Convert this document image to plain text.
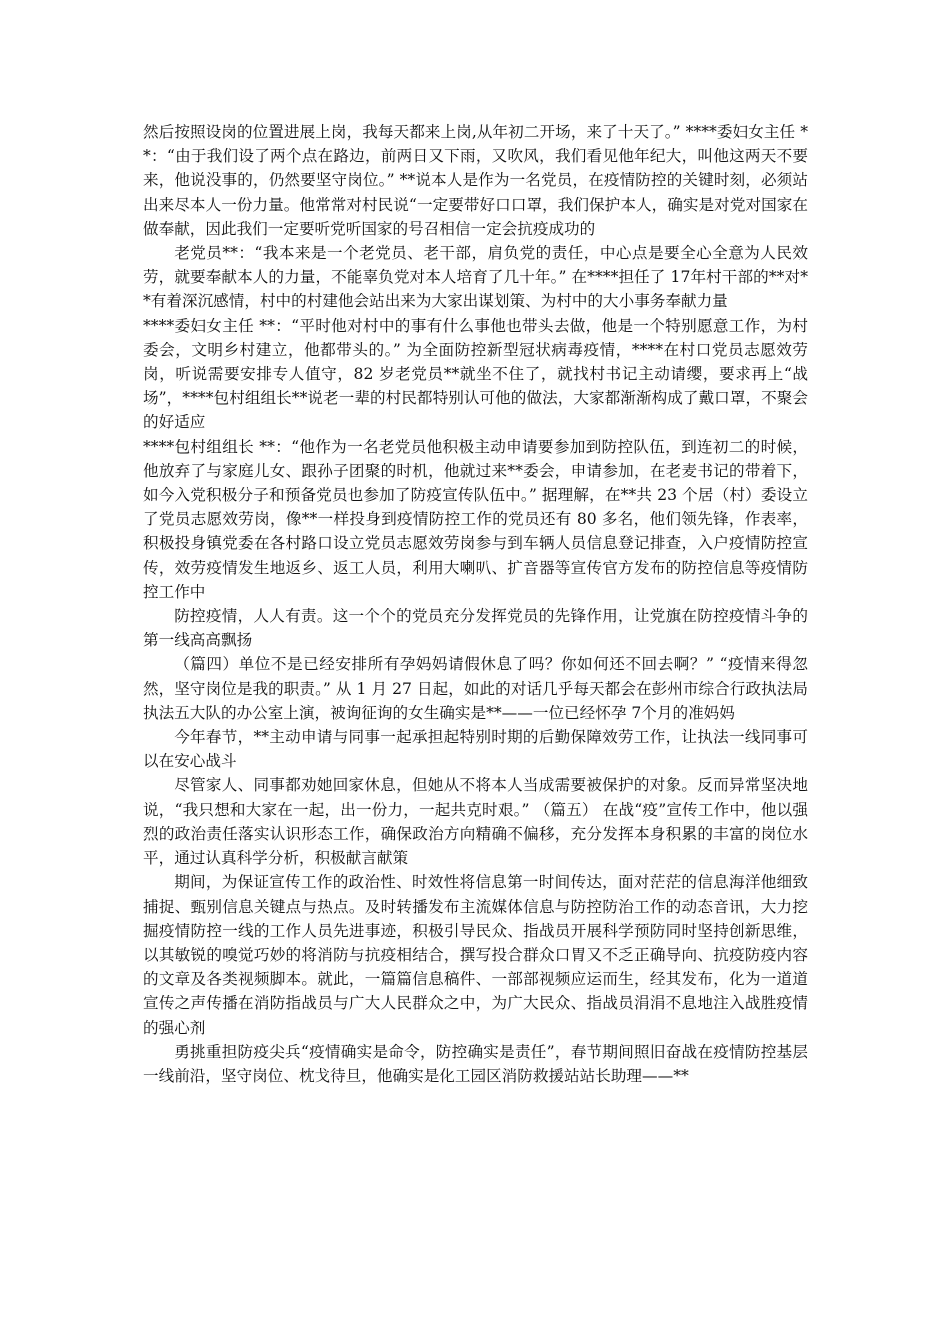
然后按照设岗的位置进展上岗，我每天都来上岗,从年初二开场，来了十天了。” ****委妇女主任 **：“由于我们设了两个点在路边，前两日又下雨，又吹风，我们看见他年纪大，叫他这两天不要来，他说没事的，仍然要坚守岗位。” **说本人是作为一名党员，在疫情防控的关键时刻，必须站出来尽本人一份力量。他常常对村民说“一定要带好口口罩，我们保护本人，确实是对党对国家在做奉献，因此我们一定要听党听国家的号召相信一定会抗疫成功的

老党员**：“我本来是一个老党员、老干部，肩负党的责任，中心点是要全心全意为人民效劳，就要奉献本人的力量，不能辜负党对本人培育了几十年。” 在****担任了 17年村干部的**对**有着深沉感情，村中的村建他会站出来为大家出谋划策、为村中的大小事务奉献力量

****委妇女主任 **：“平时他对村中的事有什么事他也带头去做，他是一个特别愿意工作，为村委会，文明乡村建立，他都带头的。” 为全面防控新型冠状病毒疫情，****在村口党员志愿效劳岗，听说需要安排专人值守，82 岁老党员**就坐不住了，就找村书记主动请缨，要求再上“战场”，****包村组组长**说老一辈的村民都特别认可他的做法，大家都渐渐构成了戴口罩，不聚会的好适应

****包村组组长 **：“他作为一名老党员他积极主动申请要参加到防控队伍，到连初二的时候，他放弃了与家庭儿女、跟孙子团聚的时机，他就过来**委会，申请参加，在老麦书记的带着下，如今入党积极分子和预备党员也参加了防疫宣传队伍中。” 据理解，在**共 23 个居（村）委设立了党员志愿效劳岗，像**一样投身到疫情防控工作的党员还有 80 多名，他们领先锋，作表率，积极投身镇党委在各村路口设立党员志愿效劳岗参与到车辆人员信息登记排查，入户疫情防控宣传，效劳疫情发生地返乡、返工人员，利用大喇叭、扩音器等宣传官方发布的防控信息等疫情防控工作中

防控疫情，人人有责。这一个个的党员充分发挥党员的先锋作用，让党旗在防控疫情斗争的第一线高高飘扬

（篇四）单位不是已经安排所有孕妈妈请假休息了吗？你如何还不回去啊？” “疫情来得忽然，坚守岗位是我的职责。” 从 1 月 27 日起，如此的对话几乎每天都会在彭州市综合行政执法局执法五大队的办公室上演，被询征询的女生确实是**——一位已经怀孕 7个月的准妈妈

今年春节，**主动申请与同事一起承担起特别时期的后勤保障效劳工作，让执法一线同事可以在安心战斗

尽管家人、同事都劝她回家休息，但她从不将本人当成需要被保护的对象。反而异常坚决地说，“我只想和大家在一起，出一份力，一起共克时艰。” （篇五） 在战“疫”宣传工作中，他以强烈的政治责任落实认识形态工作，确保政治方向精确不偏移，充分发挥本身积累的丰富的岗位水平，通过认真科学分析，积极献言献策

期间，为保证宣传工作的政治性、时效性将信息第一时间传达，面对茫茫的信息海洋他细致捕捉、甄别信息关键点与热点。及时转播发布主流媒体信息与防控防治工作的动态音讯，大力挖掘疫情防控一线的工作人员先进事迹，积极引导民众、指战员开展科学预防同时坚持创新思维，以其敏锐的嗅觉巧妙的将消防与抗疫相结合，撰写投合群众口胃又不乏正确导向、抗疫防疫内容的文章及各类视频脚本。就此，一篇篇信息稿件、一部部视频应运而生，经其发布，化为一道道宣传之声传播在消防指战员与广大人民群众之中，为广大民众、指战员涓涓不息地注入战胜疫情的强心剂

勇挑重担防疫尖兵“疫情确实是命令，防控确实是责任”，春节期间照旧奋战在疫情防控基层一线前沿，坚守岗位、枕戈待旦，他确实是化工园区消防救援站站长助理——**
